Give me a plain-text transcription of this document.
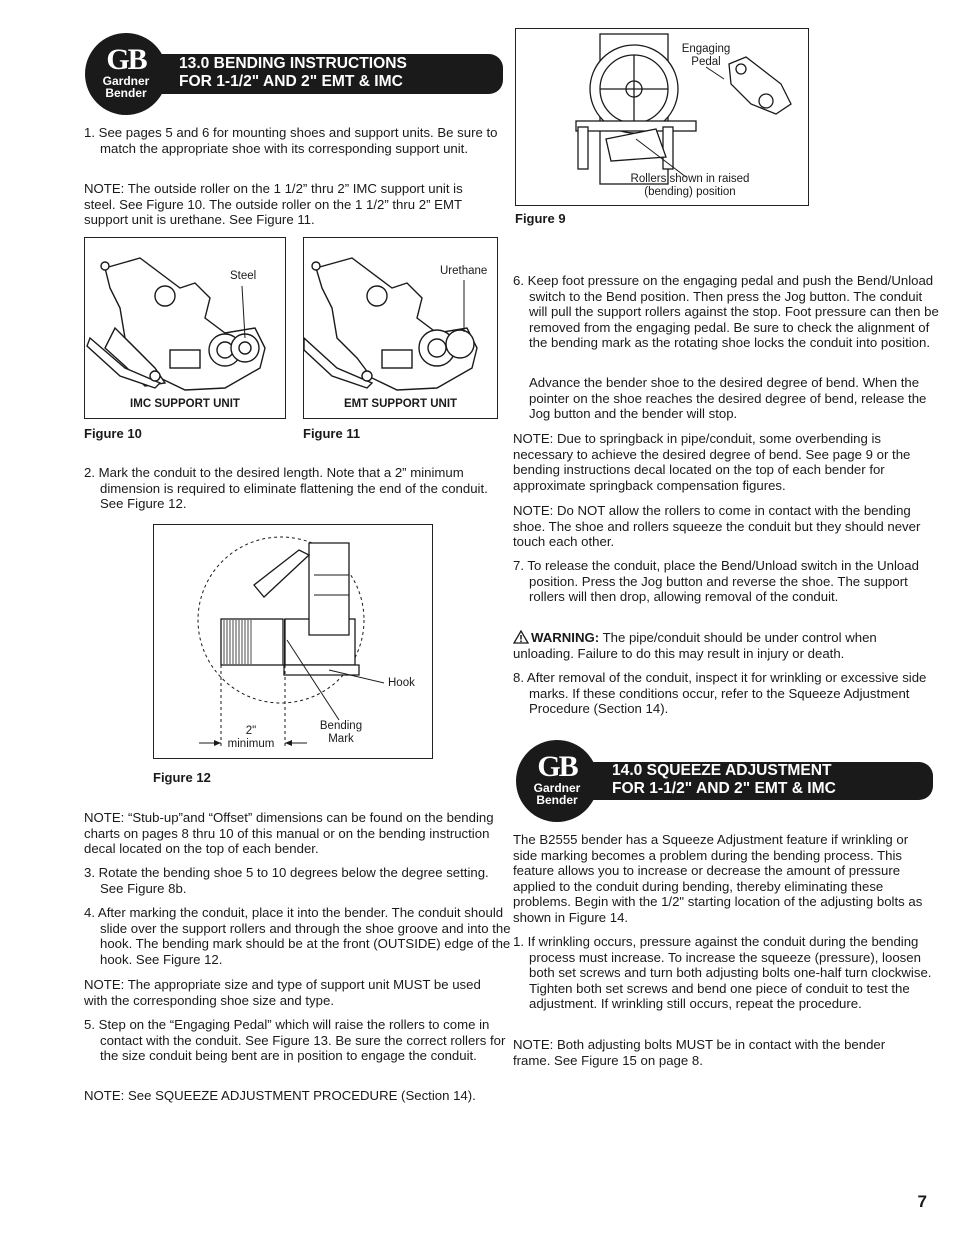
13.0 BENDING INSTRUCTIONS
FOR 1-1/2" AND 2" EMT & IMC
GB
Gardner
Bender

1. See pages 5 and 6 for mounting shoes and support units. Be sure to match the appropriate shoe with its corresponding support unit.

NOTE: The outside roller on the 1 1/2” thru 2” IMC support unit is steel. See Figure 10. The outside roller on the 1 1/2” thru 2” EMT support unit is urethane. See Figure 11.

Steel
IMC SUPPORT UNIT
Figure 10
Urethane
EMT SUPPORT UNIT
Figure 11

2. Mark the conduit to the desired length. Note that a 2” minimum dimension is required to eliminate flattening the end of the conduit. See Figure 12.

Hook
Bending
Mark
2"
minimum
Figure 12

NOTE: “Stub-up”and “Offset” dimensions can be found on the bending charts on pages 8 thru 10 of this manual or on the bending instruction decal located on the top of each bender.

3. Rotate the bending shoe 5 to 10 degrees below the degree setting. See Figure 8b.

4. After marking the conduit, place it into the bender. The conduit should slide over the support rollers and through the shoe groove and into the hook. The bending mark should be at the front (OUTSIDE) edge of the hook. See Figure 12.

NOTE: The appropriate size and type of support unit MUST be used with the corresponding shoe size and type.

5. Step on the “Engaging Pedal” which will raise the rollers to come in contact with the conduit. See Figure 13. Be sure the correct rollers for the size conduit being bent are in position to engage the conduit.

NOTE: See SQUEEZE ADJUSTMENT PROCEDURE (Section 14).

Engaging
Pedal
Rollers shown in raised
(bending) position
Figure 9

6. Keep foot pressure on the engaging pedal and push the Bend/Unload switch to the Bend position. Then press the Jog button. The conduit will pull the support rollers against the stop. Foot pressure can then be removed from the engaging pedal. Be sure to check the alignment of the bending mark as the rotating shoe locks the conduit into position.

Advance the bender shoe to the desired degree of bend. When the pointer on the shoe reaches the desired degree of bend, release the Jog button and the bender will stop.

NOTE: Due to springback in pipe/conduit, some overbending is necessary to achieve the desired degree of bend. See page 9 or the bending instructions decal located on the top of each bender for approximate springback compensation figures.

NOTE: Do NOT allow the rollers to come in contact with the bending shoe. The shoe and rollers squeeze the conduit but they should never touch each other.

7. To release the conduit, place the Bend/Unload switch in the Unload position. Press the Jog button and reverse the shoe. The support rollers will then drop, allowing removal of the conduit.

WARNING: The pipe/conduit should be under control when unloading. Failure to do this may result in injury or death.

8. After removal of the conduit, inspect it for wrinkling or excessive side marks. If these conditions occur, refer to the Squeeze Adjustment Procedure (Section 14).

14.0 SQUEEZE ADJUSTMENT
FOR 1-1/2" AND 2" EMT & IMC
GB
Gardner
Bender

The B2555 bender has a Squeeze Adjustment feature if wrinkling or side marking becomes a problem during the bending process. This feature allows you to increase or decrease the amount of pressure applied to the conduit during bending, thereby eliminating these problems. Begin with the 1/2" starting location of the adjusting bolts as shown in Figure 14.

1. If wrinkling occurs, pressure against the conduit during the bending process must increase. To increase the squeeze (pressure), loosen both set screws and turn both adjusting bolts one-half turn clockwise. Tighten both set screws and bend one piece of conduit to test the adjustment. If wrinkling still occurs, repeat the procedure.

NOTE: Both adjusting bolts MUST be in contact with the bender frame. See Figure 15 on page 8.

7
